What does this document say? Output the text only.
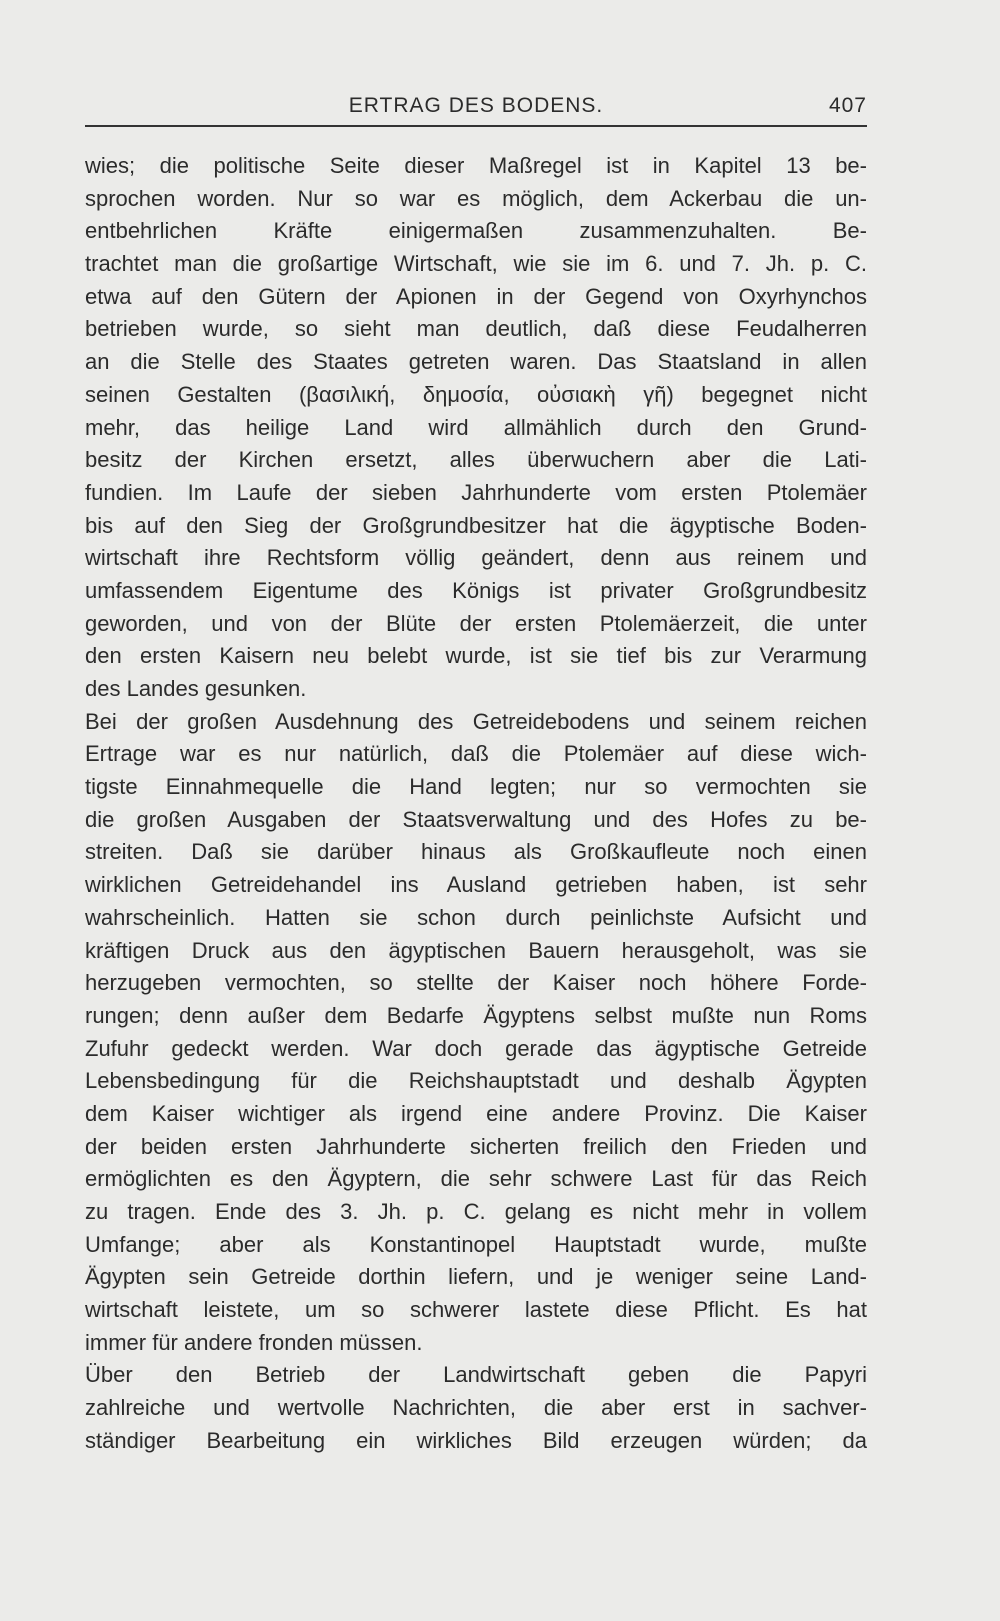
ERTRAG DES BODENS.	407
wies; die politische Seite dieser Maßregel ist in Kapitel 13 be-
sprochen worden. Nur so war es möglich, dem Ackerbau die un-
entbehrlichen Kräfte einigermaßen zusammenzuhalten. Be-
trachtet man die großartige Wirtschaft, wie sie im 6. und 7. Jh. p. C.
etwa auf den Gütern der Apionen in der Gegend von Oxyrhynchos
betrieben wurde, so sieht man deutlich, daß diese Feudalherren
an die Stelle des Staates getreten waren. Das Staatsland in allen
seinen Gestalten (βασιλική, δημοσία, οὐσιακὴ γῆ) begegnet nicht
mehr, das heilige Land wird allmählich durch den Grund-
besitz der Kirchen ersetzt, alles überwuchern aber die Lati-
fundien. Im Laufe der sieben Jahrhunderte vom ersten Ptolemäer
bis auf den Sieg der Großgrundbesitzer hat die ägyptische Boden-
wirtschaft ihre Rechtsform völlig geändert, denn aus reinem und
umfassendem Eigentume des Königs ist privater Großgrundbesitz
geworden, und von der Blüte der ersten Ptolemäerzeit, die unter
den ersten Kaisern neu belebt wurde, ist sie tief bis zur Verarmung
des Landes gesunken.
Bei der großen Ausdehnung des Getreidebodens und seinem reichen
Ertrage war es nur natürlich, daß die Ptolemäer auf diese wich-
tigste Einnahmequelle die Hand legten; nur so vermochten sie
die großen Ausgaben der Staatsverwaltung und des Hofes zu be-
streiten. Daß sie darüber hinaus als Großkaufleute noch einen
wirklichen Getreidehandel ins Ausland getrieben haben, ist sehr
wahrscheinlich. Hatten sie schon durch peinlichste Aufsicht und
kräftigen Druck aus den ägyptischen Bauern herausgeholt, was sie
herzugeben vermochten, so stellte der Kaiser noch höhere Forde-
rungen; denn außer dem Bedarfe Ägyptens selbst mußte nun Roms
Zufuhr gedeckt werden. War doch gerade das ägyptische Getreide
Lebensbedingung für die Reichshauptstadt und deshalb Ägypten
dem Kaiser wichtiger als irgend eine andere Provinz. Die Kaiser
der beiden ersten Jahrhunderte sicherten freilich den Frieden und
ermöglichten es den Ägyptern, die sehr schwere Last für das Reich
zu tragen. Ende des 3. Jh. p. C. gelang es nicht mehr in vollem
Umfange; aber als Konstantinopel Hauptstadt wurde, mußte
Ägypten sein Getreide dorthin liefern, und je weniger seine Land-
wirtschaft leistete, um so schwerer lastete diese Pflicht. Es hat
immer für andere fronden müssen.
Über den Betrieb der Landwirtschaft geben die Papyri
zahlreiche und wertvolle Nachrichten, die aber erst in sachver-
ständiger Bearbeitung ein wirkliches Bild erzeugen würden; da
